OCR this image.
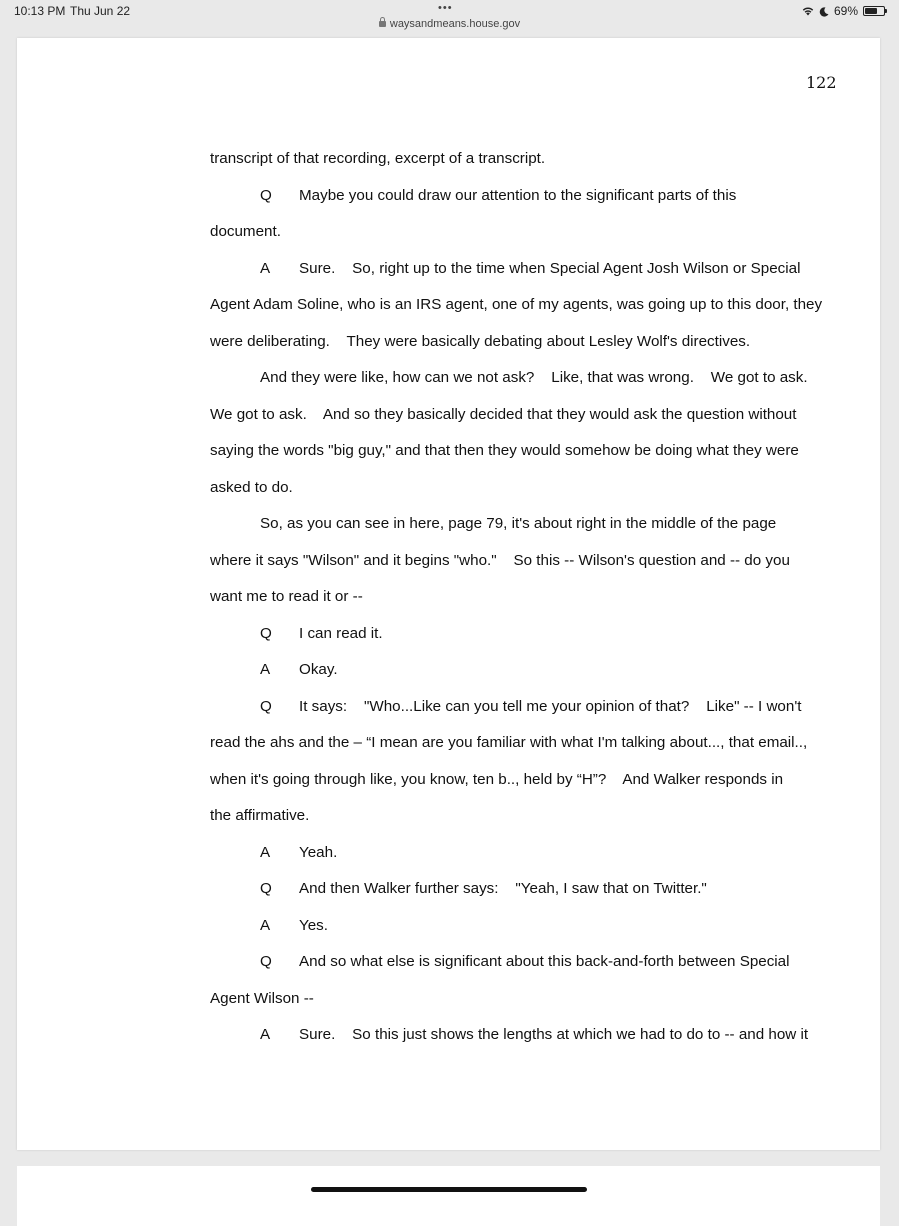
10:13 PM Thu Jun 22	•••
waysandmeans.house.gov
69%
122
transcript of that recording, excerpt of a transcript.
Q Maybe you could draw our attention to the significant parts of this
document.
A Sure.    So, right up to the time when Special Agent Josh Wilson or Special
Agent Adam Soline, who is an IRS agent, one of my agents, was going up to this door, they
were deliberating.    They were basically debating about Lesley Wolf's directives.
And they were like, how can we not ask?    Like, that was wrong.    We got to ask.
We got to ask.    And so they basically decided that they would ask the question without
saying the words "big guy," and that then they would somehow be doing what they were
asked to do.
So, as you can see in here, page 79, it's about right in the middle of the page
where it says "Wilson" and it begins "who."    So this -- Wilson's question and -- do you
want me to read it or --
Q I can read it.
A Okay.
Q It says:    "Who...Like can you tell me your opinion of that?    Like" -- I won't
read the ahs and the – “I mean are you familiar with what I'm talking about..., that email..,
when it's going through like, you know, ten b.., held by “H”?    And Walker responds in
the affirmative.
A Yeah.
Q And then Walker further says:    "Yeah, I saw that on Twitter."
A Yes.
Q And so what else is significant about this back-and-forth between Special
Agent Wilson --
A Sure.    So this just shows the lengths at which we had to do to -- and how it
